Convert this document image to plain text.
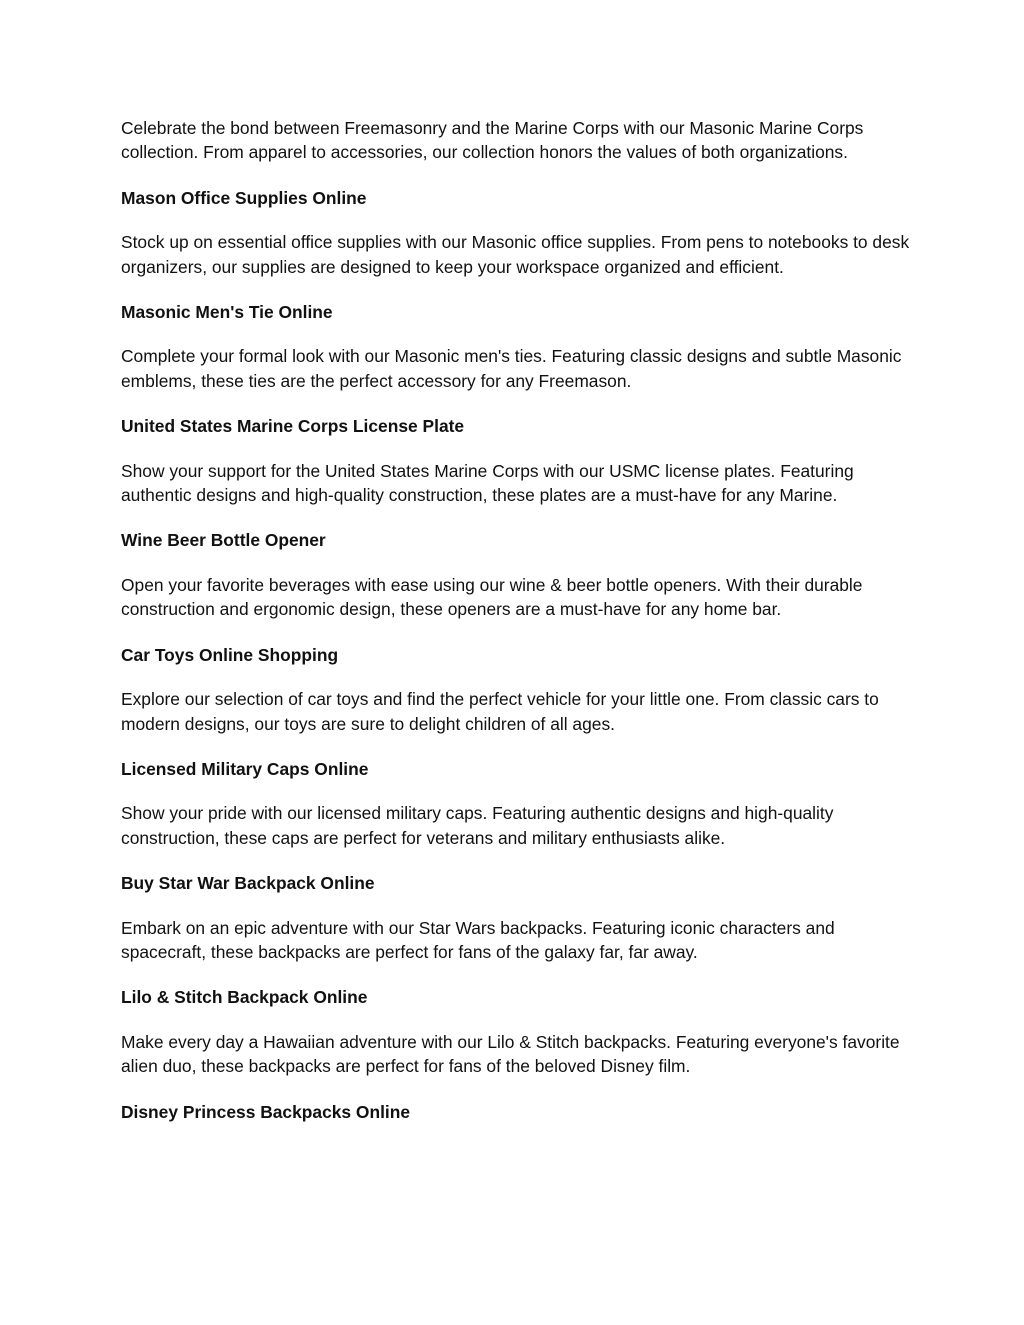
Celebrate the bond between Freemasonry and the Marine Corps with our Masonic Marine Corps collection. From apparel to accessories, our collection honors the values of both organizations.

Mason Office Supplies Online

Stock up on essential office supplies with our Masonic office supplies. From pens to notebooks to desk organizers, our supplies are designed to keep your workspace organized and efficient.

Masonic Men's Tie Online

Complete your formal look with our Masonic men's ties. Featuring classic designs and subtle Masonic emblems, these ties are the perfect accessory for any Freemason.

United States Marine Corps License Plate

Show your support for the United States Marine Corps with our USMC license plates. Featuring authentic designs and high-quality construction, these plates are a must-have for any Marine.

Wine Beer Bottle Opener

Open your favorite beverages with ease using our wine & beer bottle openers. With their durable construction and ergonomic design, these openers are a must-have for any home bar.

Car Toys Online Shopping

Explore our selection of car toys and find the perfect vehicle for your little one. From classic cars to modern designs, our toys are sure to delight children of all ages.

Licensed Military Caps Online

Show your pride with our licensed military caps. Featuring authentic designs and high-quality construction, these caps are perfect for veterans and military enthusiasts alike.

Buy Star War Backpack Online

Embark on an epic adventure with our Star Wars backpacks. Featuring iconic characters and spacecraft, these backpacks are perfect for fans of the galaxy far, far away.

Lilo & Stitch Backpack Online

Make every day a Hawaiian adventure with our Lilo & Stitch backpacks. Featuring everyone's favorite alien duo, these backpacks are perfect for fans of the beloved Disney film.

Disney Princess Backpacks Online
